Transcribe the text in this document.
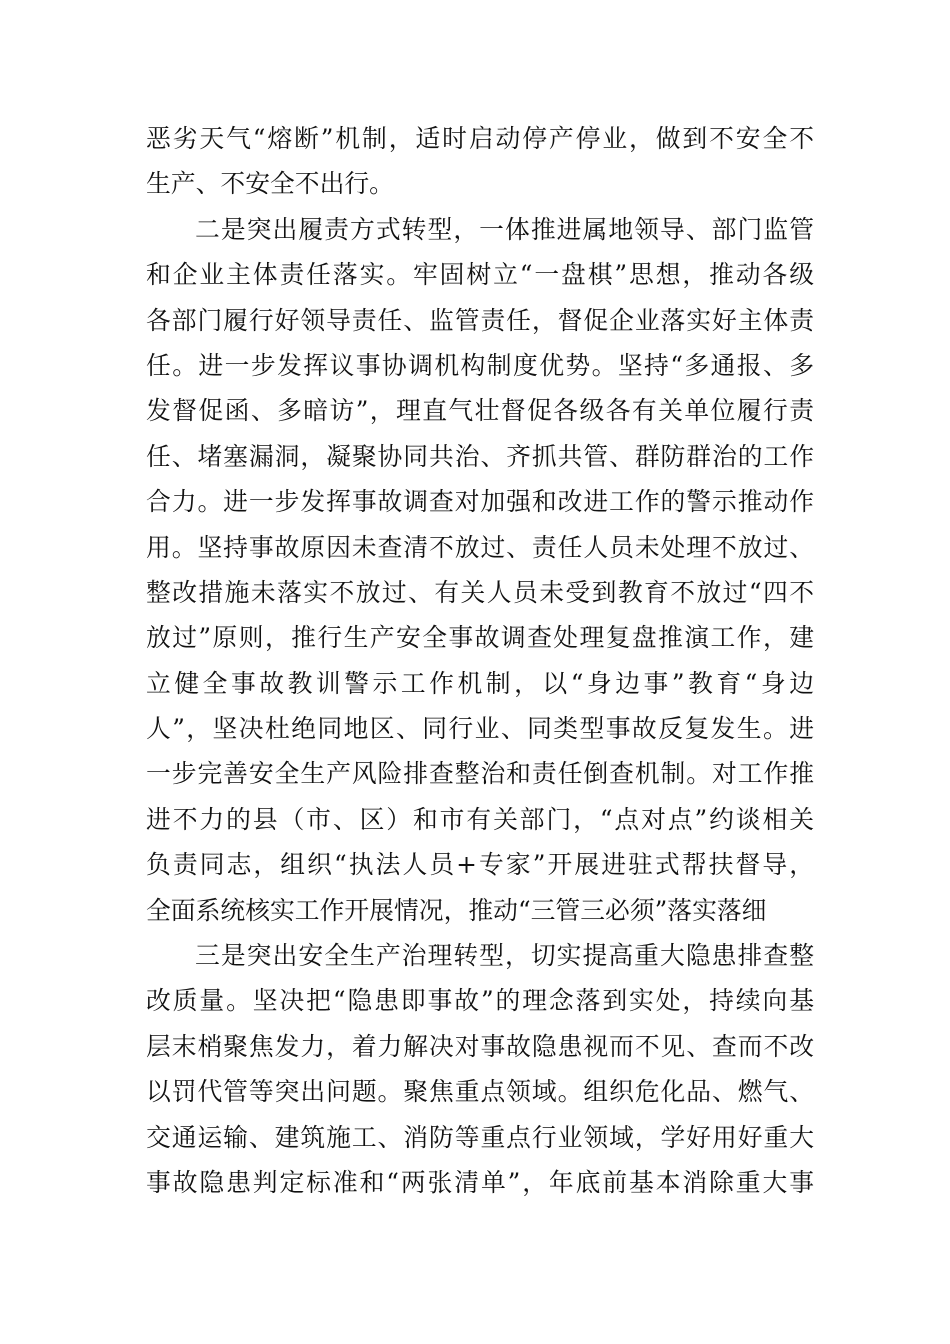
恶劣天气“熔断”机制，适时启动停产停业，做到不安全不
生产、不安全不出行。
二是突出履责方式转型，一体推进属地领导、部门监管
和企业主体责任落实。牢固树立“一盘棋”思想，推动各级
各部门履行好领导责任、监管责任，督促企业落实好主体责
任。进一步发挥议事协调机构制度优势。坚持“多通报、多
发督促函、多暗访”，理直气壮督促各级各有关单位履行责
任、堵塞漏洞，凝聚协同共治、齐抓共管、群防群治的工作
合力。进一步发挥事故调查对加强和改进工作的警示推动作
用。坚持事故原因未查清不放过、责任人员未处理不放过、
整改措施未落实不放过、有关人员未受到教育不放过“四不
放过”原则，推行生产安全事故调查处理复盘推演工作，建
立健全事故教训警示工作机制，以“身边事”教育“身边
人”，坚决杜绝同地区、同行业、同类型事故反复发生。进
一步完善安全生产风险排查整治和责任倒查机制。对工作推
进不力的县（市、区）和市有关部门，“点对点”约谈相关
负责同志，组织“执法人员+专家”开展进驻式帮扶督导，
全面系统核实工作开展情况，推动“三管三必须”落实落细
三是突出安全生产治理转型，切实提高重大隐患排查整
改质量。坚决把“隐患即事故”的理念落到实处，持续向基
层末梢聚焦发力，着力解决对事故隐患视而不见、查而不改
以罚代管等突出问题。聚焦重点领域。组织危化品、燃气、
交通运输、建筑施工、消防等重点行业领域，学好用好重大
事故隐患判定标准和“两张清单”，年底前基本消除重大事
